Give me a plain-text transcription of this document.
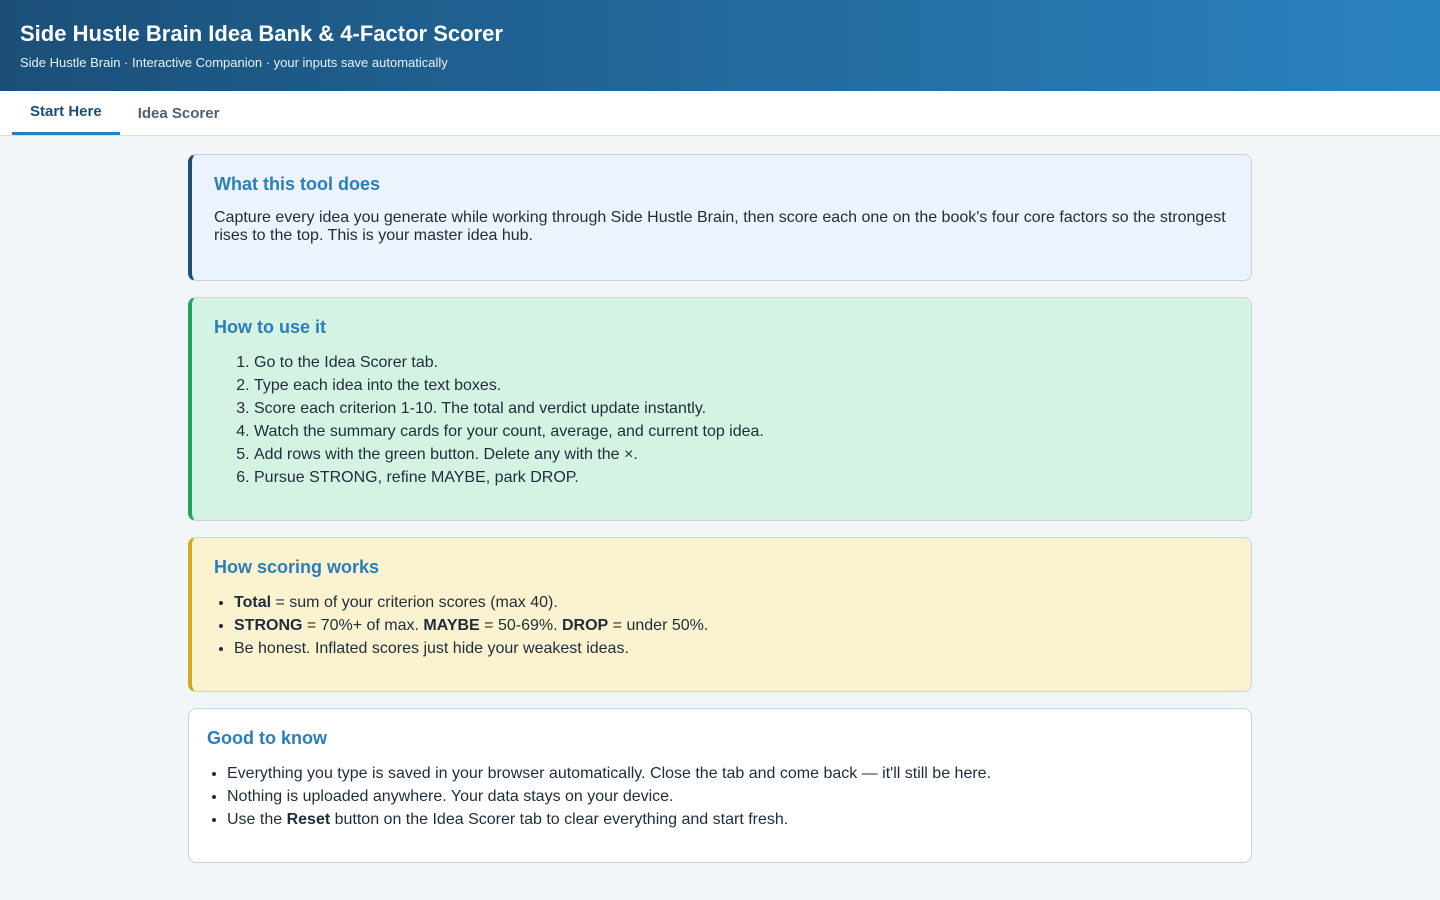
Side Hustle Brain Idea Bank & 4-Factor Scorer
Side Hustle Brain · Interactive Companion · your inputs save automatically
Start Here	Idea Scorer
What this tool does

Capture every idea you generate while working through Side Hustle Brain, then score each one on the book's four core factors so the strongest rises to the top. This is your master idea hub.

How to use it
1. Go to the Idea Scorer tab.
2. Type each idea into the text boxes.
3. Score each criterion 1-10. The total and verdict update instantly.
4. Watch the summary cards for your count, average, and current top idea.
5. Add rows with the green button. Delete any with the ×.
6. Pursue STRONG, refine MAYBE, park DROP.
How scoring works
• Total = sum of your criterion scores (max 40).
• STRONG = 70%+ of max. MAYBE = 50-69%. DROP = under 50%.
• Be honest. Inflated scores just hide your weakest ideas.
Good to know
• Everything you type is saved in your browser automatically. Close the tab and come back — it'll still be here.
• Nothing is uploaded anywhere. Your data stays on your device.
• Use the Reset button on the Idea Scorer tab to clear everything and start fresh.
